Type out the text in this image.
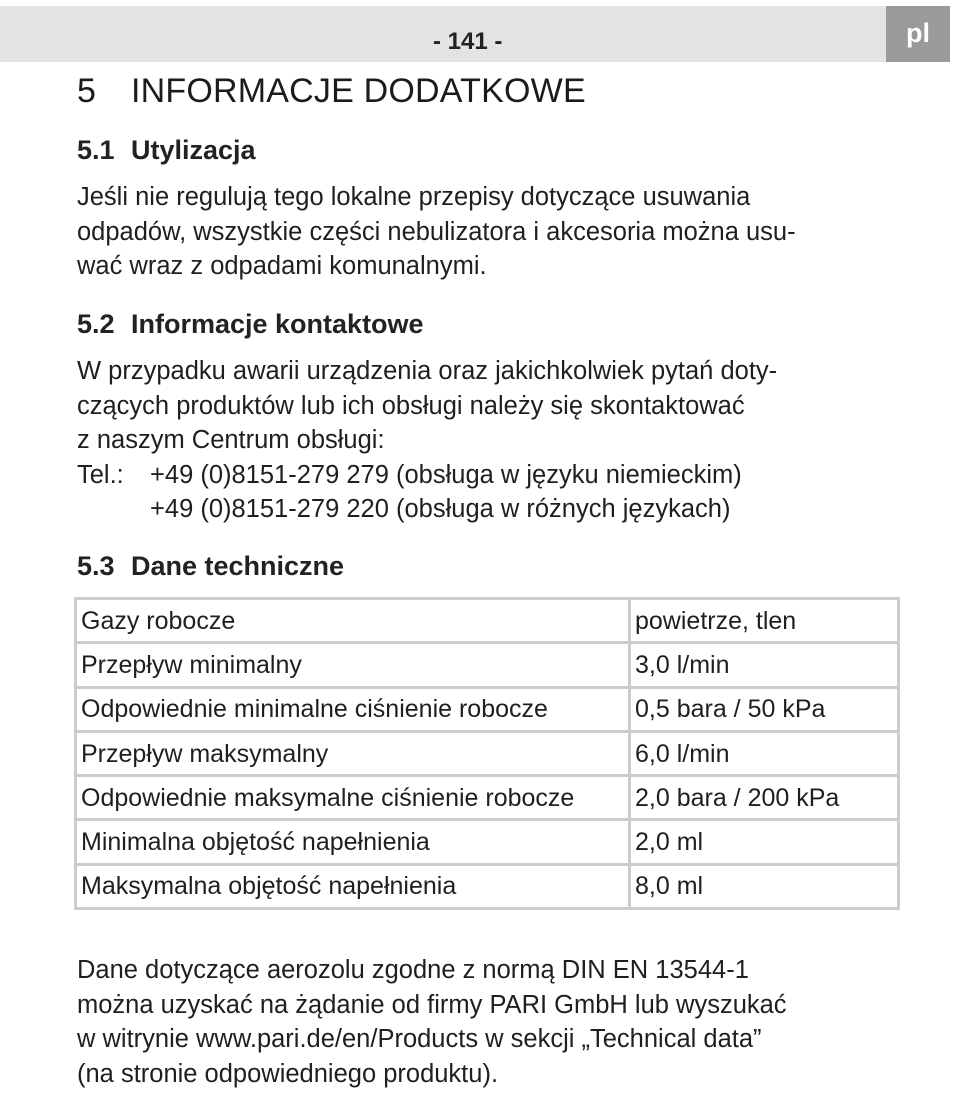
- 141 -	pl
5 INFORMACJE DODATKOWE
5.1 Utylizacja
Jeśli nie regulują tego lokalne przepisy dotyczące usuwania
odpadów, wszystkie części nebulizatora i akcesoria można usu-
wać wraz z odpadami komunalnymi.
5.2 Informacje kontaktowe
W przypadku awarii urządzenia oraz jakichkolwiek pytań doty-
czących produktów lub ich obsługi należy się skontaktować
z naszym Centrum obsługi:
Tel.: +49 (0)8151-279 279 (obsługa w języku niemieckim)
+49 (0)8151-279 220 (obsługa w różnych językach)
5.3 Dane techniczne
Gazy robocze	powietrze, tlen
Przepływ minimalny	3,0 l/min
Odpowiednie minimalne ciśnienie robocze	0,5 bara / 50 kPa
Przepływ maksymalny	6,0 l/min
Odpowiednie maksymalne ciśnienie robocze	2,0 bara / 200 kPa
Minimalna objętość napełnienia	2,0 ml
Maksymalna objętość napełnienia	8,0 ml
Dane dotyczące aerozolu zgodne z normą DIN EN 13544-1
można uzyskać na żądanie od firmy PARI GmbH lub wyszukać
w witrynie www.pari.de/en/Products w sekcji „Technical data”
(na stronie odpowiedniego produktu).
